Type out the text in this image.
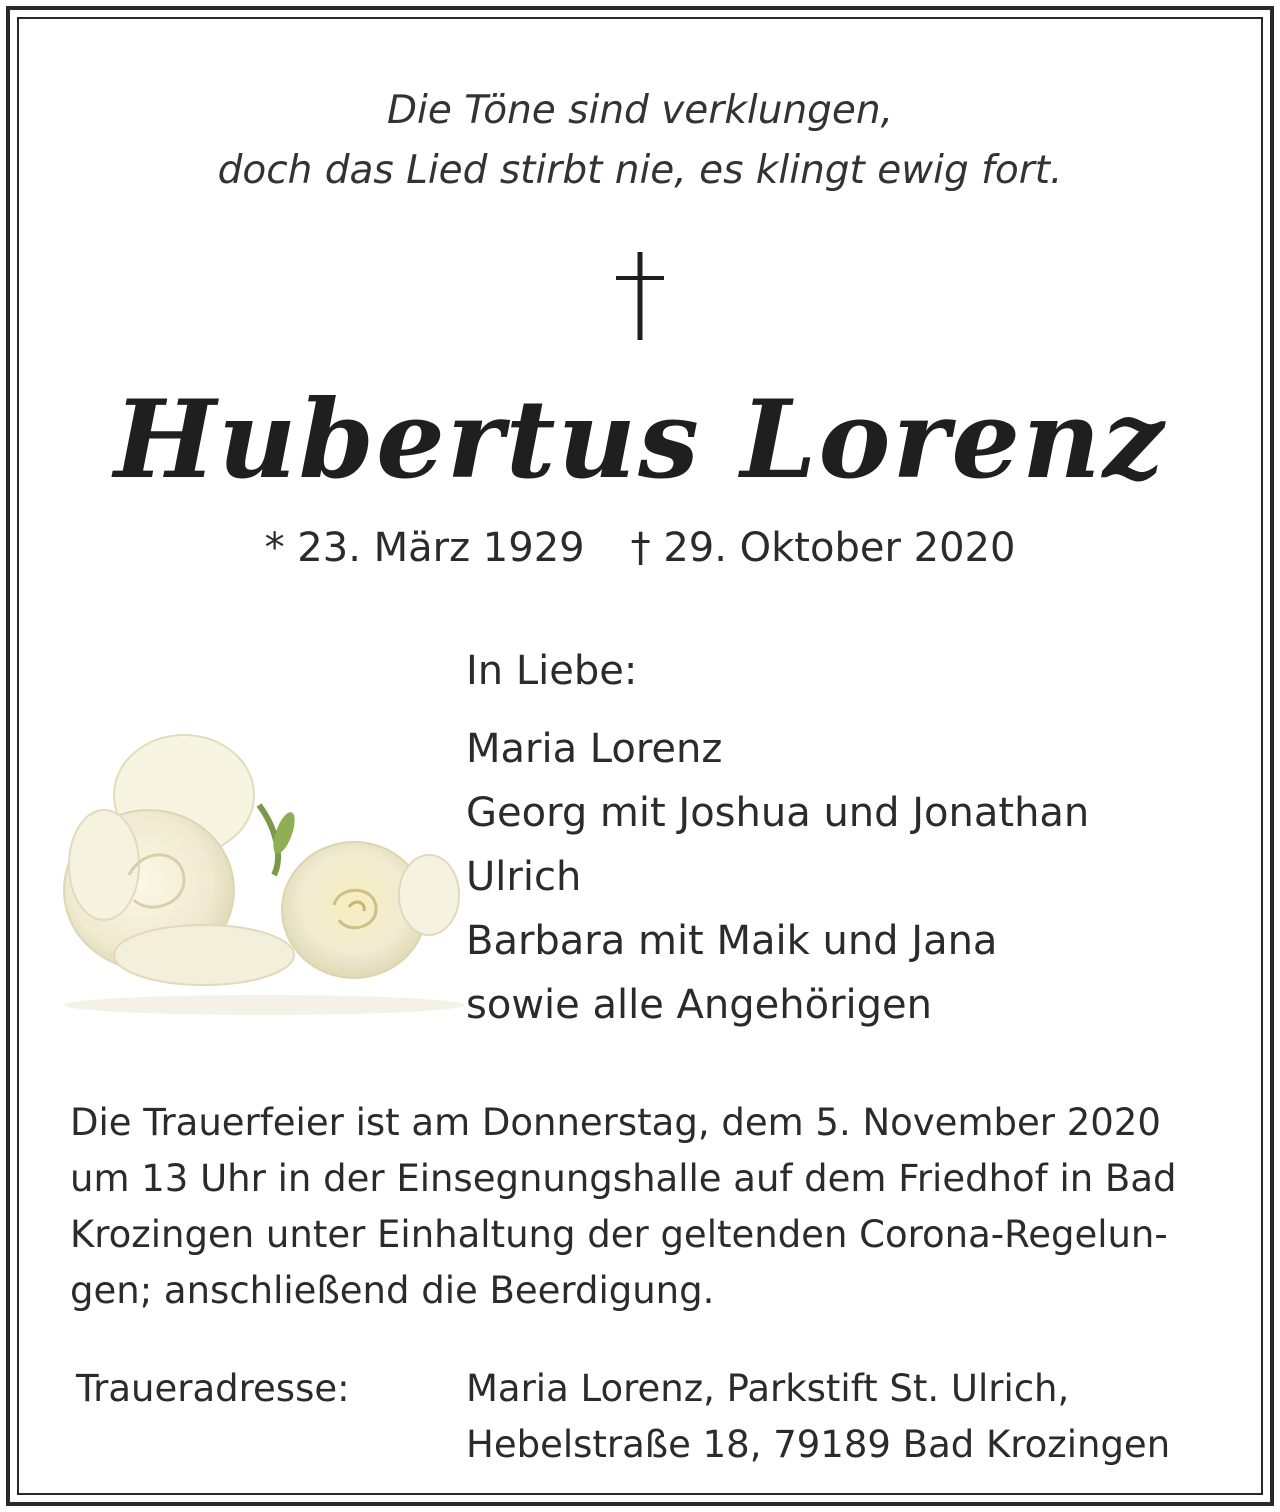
Die Töne sind verklungen,

doch das Lied stirbt nie, es klingt ewig fort.

Hubertus Lorenz
* 23. März 1929 † 29. Oktober 2020

In Liebe:

Maria Lorenz

Georg mit Joshua und Jonathan

Ulrich

Barbara mit Maik und Jana

sowie alle Angehörigen

Die Trauerfeier ist am Donnerstag, dem 5. November 2020

um 13 Uhr in der Einsegnungshalle auf dem Friedhof in Bad

Krozingen unter Einhaltung der geltenden Corona-Regelun-

gen; anschließend die Beerdigung.

Traueradresse:	Maria Lorenz, Parkstift St. Ulrich,

Hebelstraße 18, 79189 Bad Krozingen
